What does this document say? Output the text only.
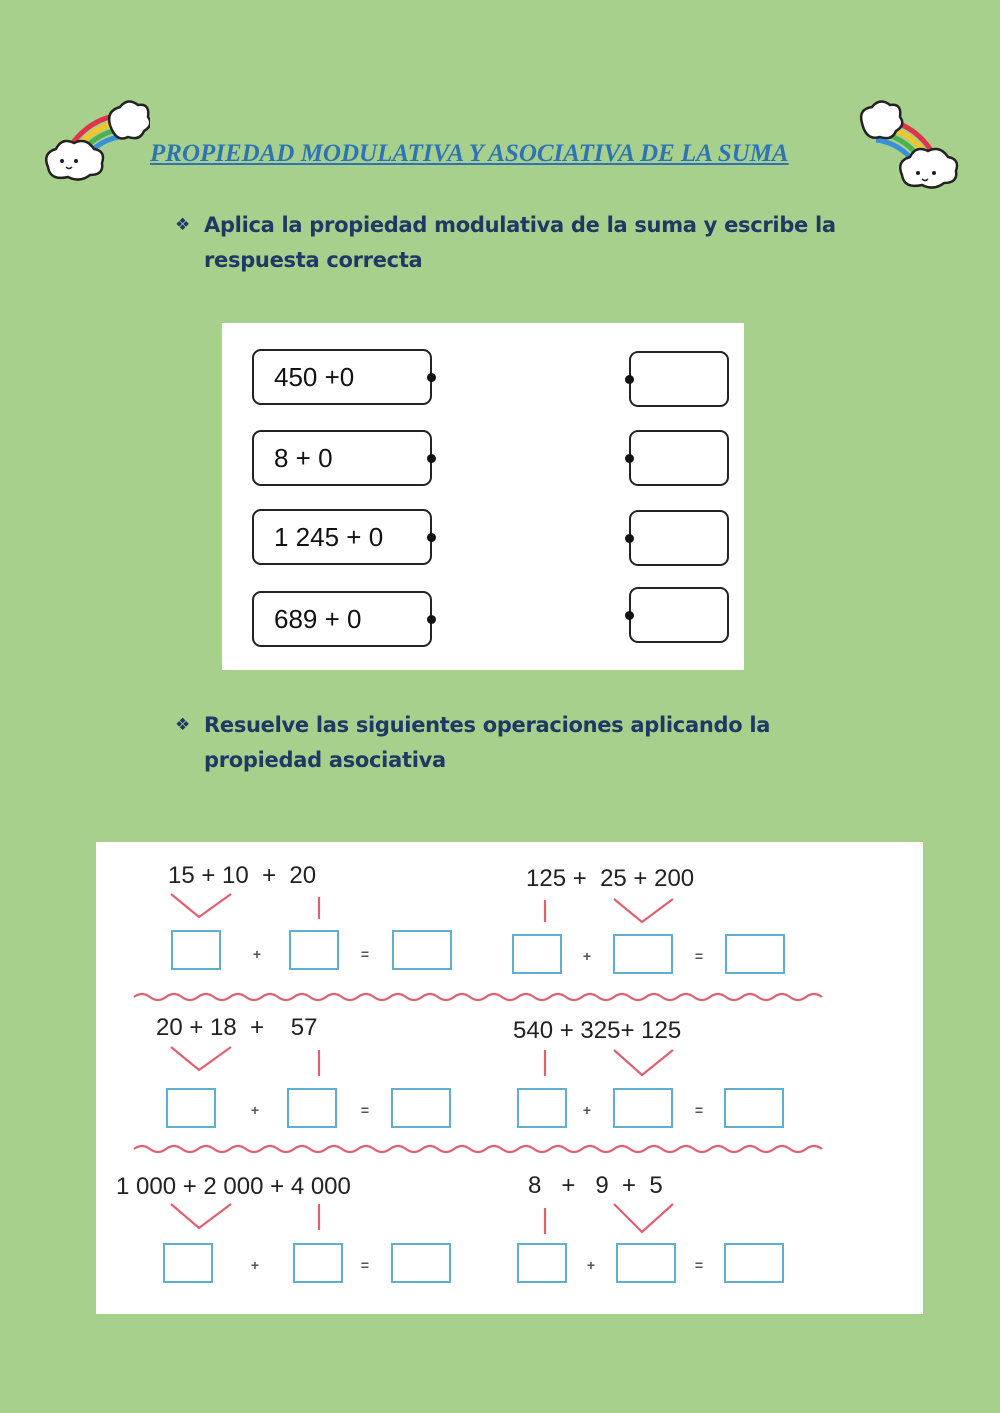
PROPIEDAD MODULATIVA Y ASOCIATIVA DE LA SUMA
❖ Aplica la propiedad modulativa de la suma y escribe la respuesta correcta
450 +0
8 + 0
1 245 + 0
689 + 0
❖ Resuelve las siguientes operaciones aplicando la propiedad asociativa
15 + 10  +  20	125 +  25 + 200
+	=	+	=
20 + 18  +    57	540 + 325+ 125
+	=	+	=
1 000 + 2 000 + 4 000	8   +   9  +  5
+	=	+	=
